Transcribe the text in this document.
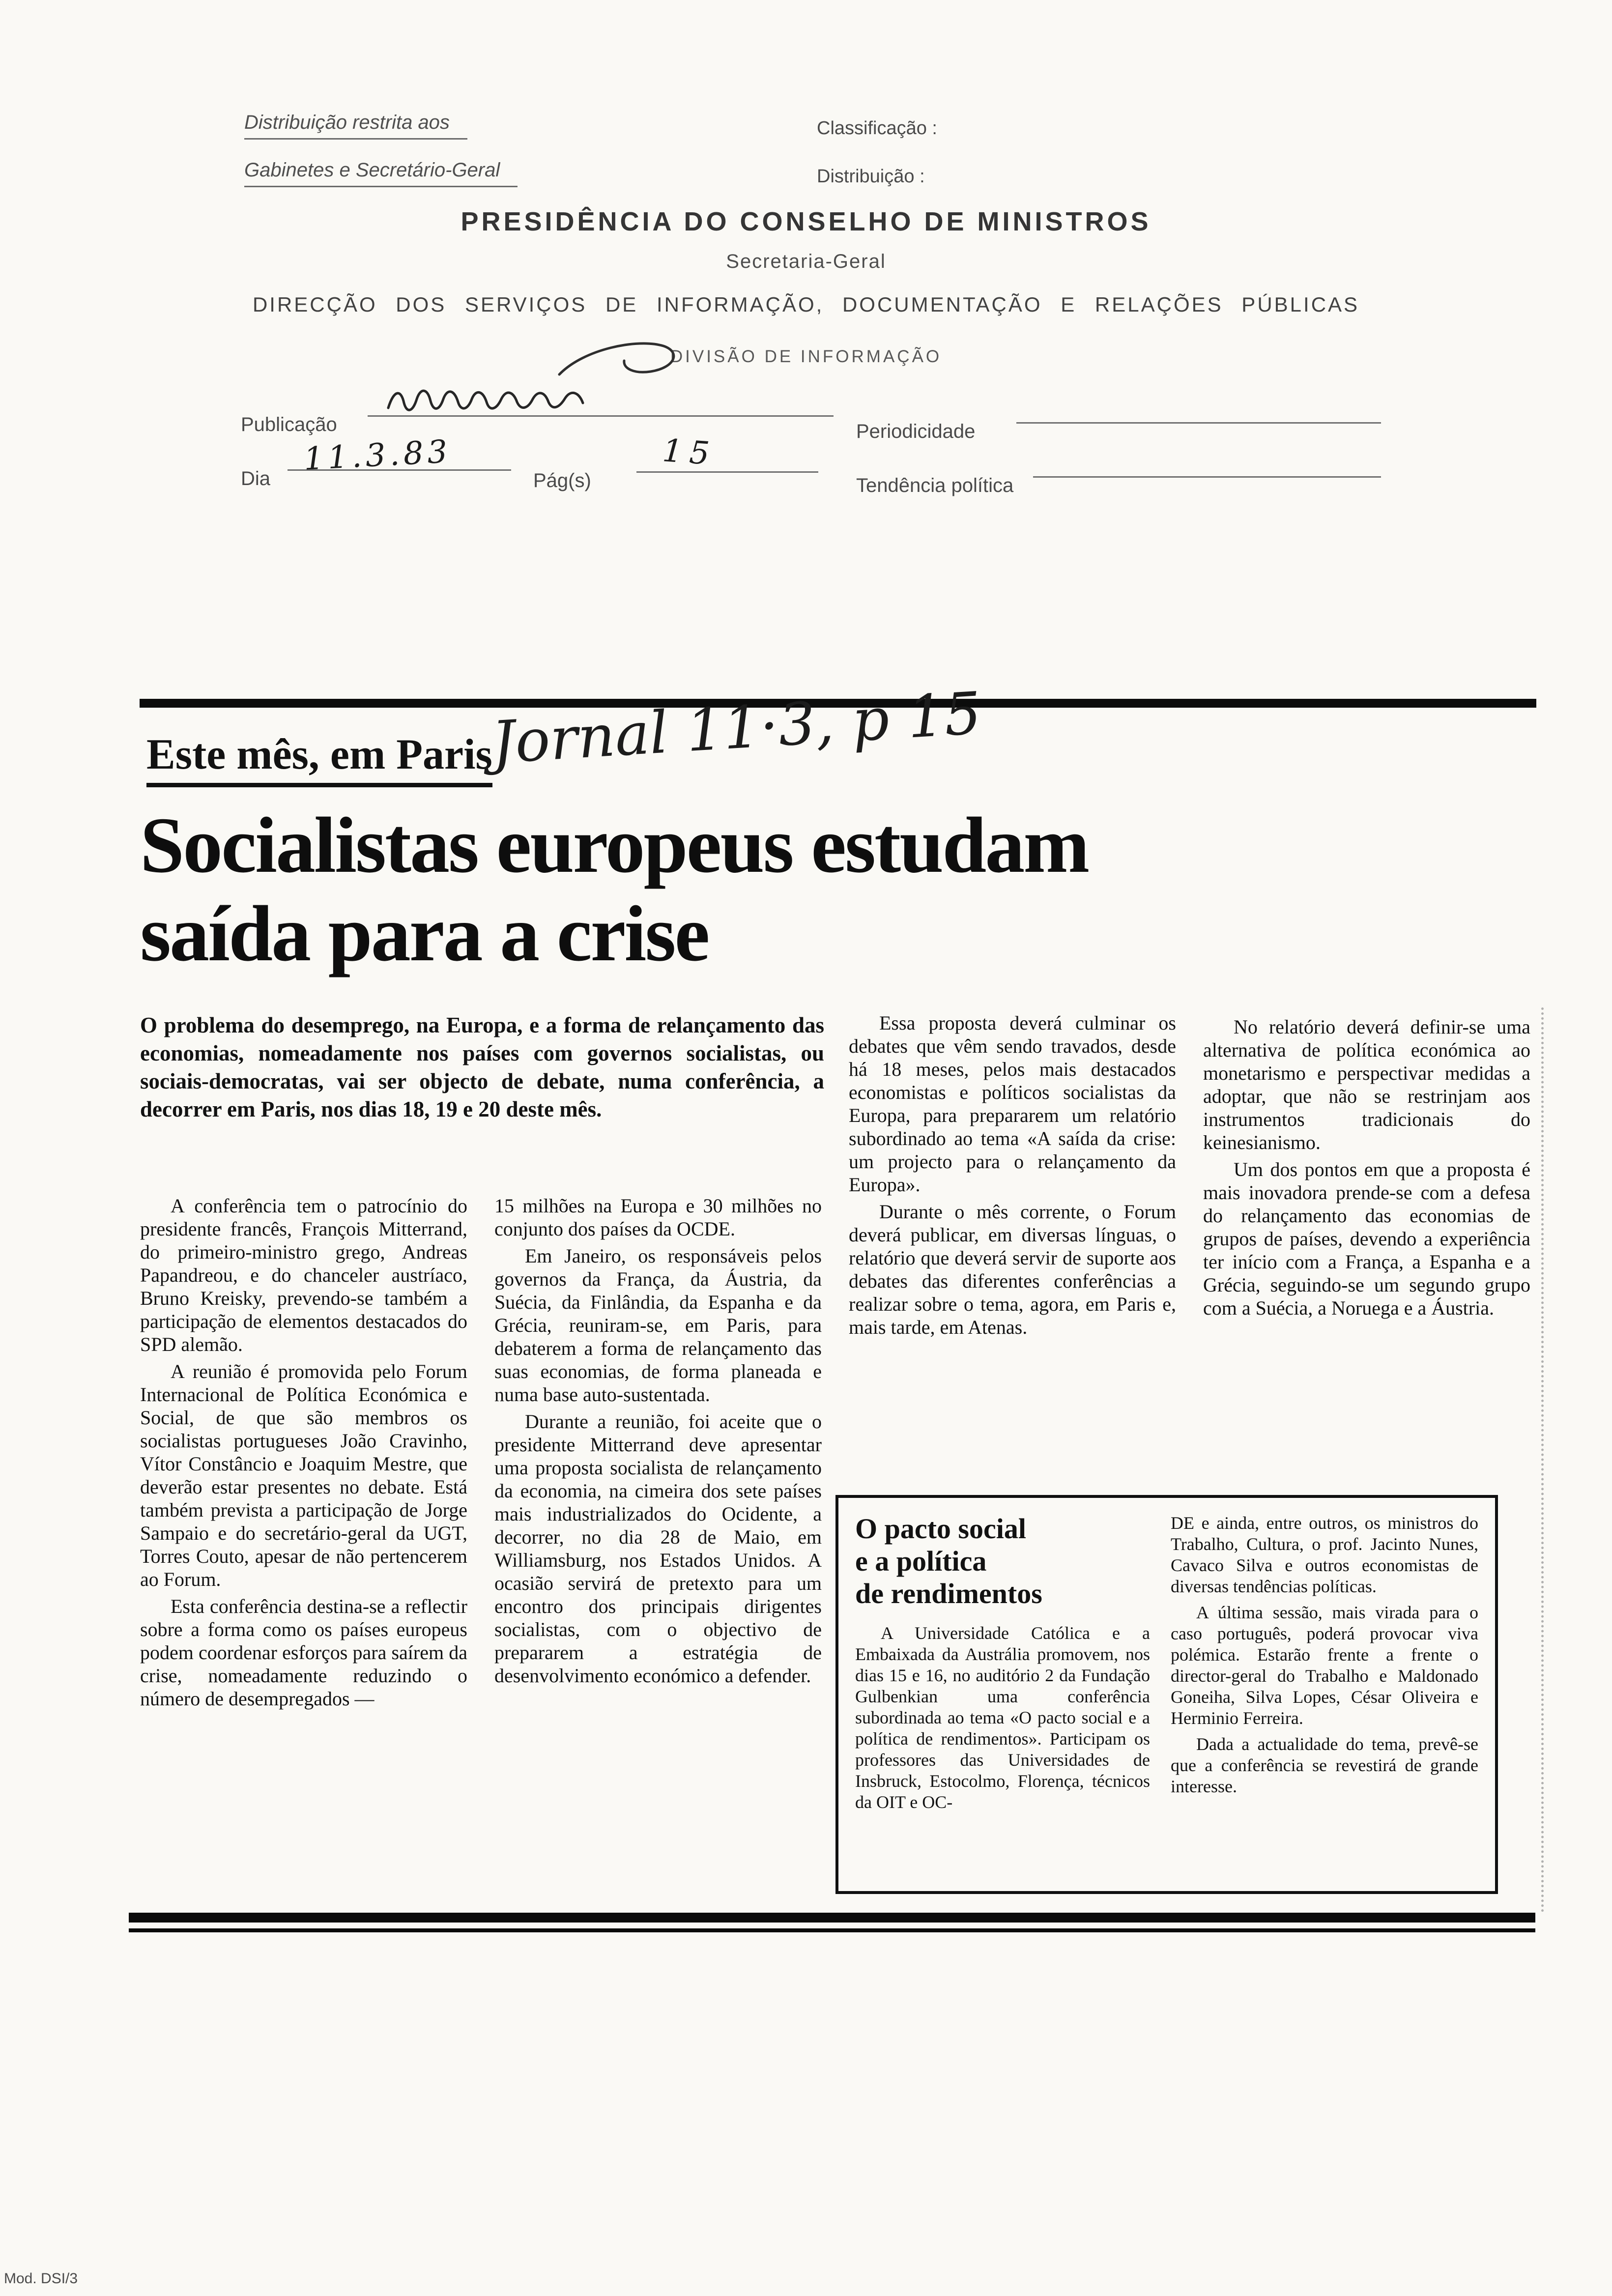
Distribuição restrita aos
Gabinetes e Secretário-Geral
Classificação :
Distribuição :
PRESIDÊNCIA DO CONSELHO DE MINISTROS
Secretaria-Geral
DIRECÇÃO DOS SERVIÇOS DE INFORMAÇÃO, DOCUMENTAÇÃO E RELAÇÕES PÚBLICAS
DIVISÃO DE INFORMAÇÃO
Publicação	Periodicidade
Dia
11.3.83
Pág(s)
15
Tendência política
Este mês, em Paris
Jornal 11·3, p 15
Socialistas europeus estudam
saída para a crise

O problema do desemprego, na Europa, e a forma de relançamento das economias, nomeadamente nos países com governos socialistas, ou sociais-democratas, vai ser objecto de debate, numa conferência, a decorrer em Paris, nos dias 18, 19 e 20 deste mês.

A conferência tem o patrocínio do presidente francês, François Mitterrand, do primeiro-ministro grego, Andreas Papandreou, e do chanceler austríaco, Bruno Kreisky, prevendo-se também a participação de elementos destacados do SPD alemão.

A reunião é promovida pelo Forum Internacional de Política Económica e Social, de que são membros os socialistas portugueses João Cravinho, Vítor Constâncio e Joaquim Mestre, que deverão estar presentes no debate. Está também prevista a participação de Jorge Sampaio e do secretário-geral da UGT, Torres Couto, apesar de não pertencerem ao Forum.

Esta conferência destina-se a reflectir sobre a forma como os países europeus podem coordenar esforços para saírem da crise, nomeadamente reduzindo o número de desempregados —

15 milhões na Europa e 30 milhões no conjunto dos países da OCDE.

Em Janeiro, os responsáveis pelos governos da França, da Áustria, da Suécia, da Finlândia, da Espanha e da Grécia, reuniram-se, em Paris, para debaterem a forma de relançamento das suas economias, de forma planeada e numa base auto-sustentada.

Durante a reunião, foi aceite que o presidente Mitterrand deve apresentar uma proposta socialista de relançamento da economia, na cimeira dos sete países mais industrializados do Ocidente, a decorrer, no dia 28 de Maio, em Williamsburg, nos Estados Unidos. A ocasião servirá de pretexto para um encontro dos principais dirigentes socialistas, com o objectivo de prepararem a estratégia de desenvolvimento económico a defender.

Essa proposta deverá culminar os debates que vêm sendo travados, desde há 18 meses, pelos mais destacados economistas e políticos socialistas da Europa, para prepararem um relatório subordinado ao tema «A saída da crise: um projecto para o relançamento da Europa».

Durante o mês corrente, o Forum deverá publicar, em diversas línguas, o relatório que deverá servir de suporte aos debates das diferentes conferências a realizar sobre o tema, agora, em Paris e, mais tarde, em Atenas.

No relatório deverá definir-se uma alternativa de política económica ao monetarismo e perspectivar medidas a adoptar, que não se restrinjam aos instrumentos tradicionais do keinesianismo.

Um dos pontos em que a proposta é mais inovadora prende-se com a defesa do relançamento das economias de grupos de países, devendo a experiência ter início com a França, a Espanha e a Grécia, seguindo-se um segundo grupo com a Suécia, a Noruega e a Áustria.

O pacto social
e a política
de rendimentos

A Universidade Católica e a Embaixada da Austrália promovem, nos dias 15 e 16, no auditório 2 da Fundação Gulbenkian uma conferência subordinada ao tema «O pacto social e a política de rendimentos». Participam os professores das Universidades de Insbruck, Estocolmo, Florença, técnicos da OIT e OC-

DE e ainda, entre outros, os ministros do Trabalho, Cultura, o prof. Jacinto Nunes, Cavaco Silva e outros economistas de diversas tendências políticas.

A última sessão, mais virada para o caso português, poderá provocar viva polémica. Estarão frente a frente o director-geral do Trabalho e Maldonado Goneiha, Silva Lopes, César Oliveira e Herminio Ferreira.

Dada a actualidade do tema, prevê-se que a conferência se revestirá de grande interesse.

Mod. DSI/3
